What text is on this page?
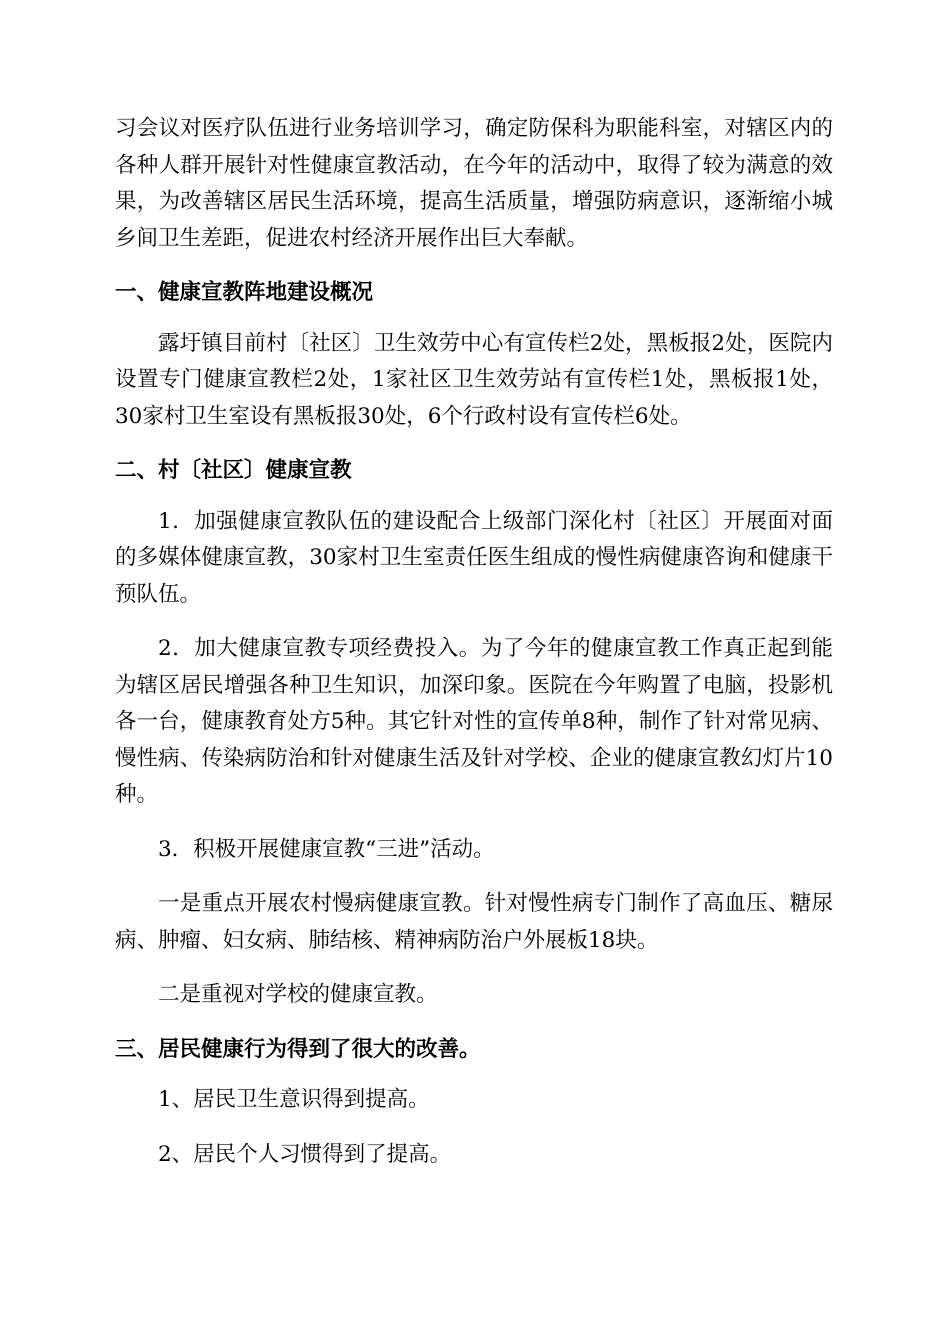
习会议对医疗队伍进行业务培训学习，确定防保科为职能科室，对辖区内的各种人群开展针对性健康宣教活动，在今年的活动中，取得了较为满意的效果，为改善辖区居民生活环境，提高生活质量，增强防病意识，逐渐缩小城乡间卫生差距，促进农村经济开展作出巨大奉献。

一、健康宣教阵地建设概况

露圩镇目前村〔社区〕卫生效劳中心有宣传栏2处，黑板报2处，医院内设置专门健康宣教栏2处，1家社区卫生效劳站有宣传栏1处，黑板报1处，30家村卫生室设有黑板报30处，6个行政村设有宣传栏6处。

二、村〔社区〕健康宣教

1．加强健康宣教队伍的建设配合上级部门深化村〔社区〕开展面对面的多媒体健康宣教，30家村卫生室责任医生组成的慢性病健康咨询和健康干预队伍。

2．加大健康宣教专项经费投入。为了今年的健康宣教工作真正起到能为辖区居民增强各种卫生知识，加深印象。医院在今年购置了电脑，投影机各一台，健康教育处方5种。其它针对性的宣传单8种，制作了针对常见病、慢性病、传染病防治和针对健康生活及针对学校、企业的健康宣教幻灯片10种。

3．积极开展健康宣教“三进”活动。

一是重点开展农村慢病健康宣教。针对慢性病专门制作了高血压、糖尿病、肿瘤、妇女病、肺结核、精神病防治户外展板18块。

二是重视对学校的健康宣教。

三、居民健康行为得到了很大的改善。

1、居民卫生意识得到提高。

2、居民个人习惯得到了提高。
